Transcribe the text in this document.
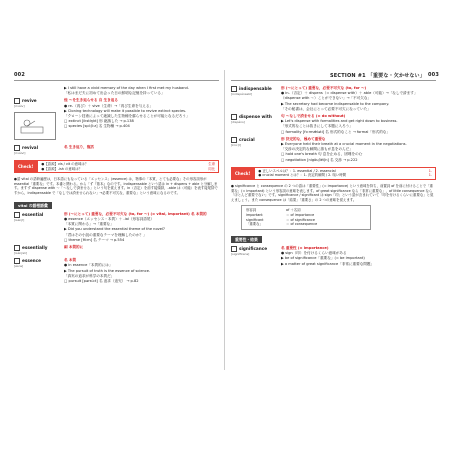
002	SECTION #1 「重要な・欠かせない」 003
▶ I still have a vivid memory of the day when I first met my husband.
「私はまだ夫に初めて出会った日の鮮明な記憶を持っている」
revive
[riváiv]
他 ～を生き返らせる 自 生き返る
● re-（再び）＋ vive（生命）→「再び生命を与える」
▶ Cloning technology will make it possible to revive extinct species.
「クローン技術によって絶滅した生物種を蘇らせることが可能となるだろう」
□ extinct [ikstíŋkt] 形 絶滅した → p.138
□ species [spíːʃiːz] 名 生物種 → p.404
revival
[riváivl]
名 生き返り，復活
Check!	●【語源】vis / vit の意味は？	生命
●【語源】-ish の意味は？	同比
●語 vital の語幹遍歴は，日本語にもなっている「エッセンス」(essence) は，物事の「本質，とても必要な」その形容詞形が essential「重要な」です。本番と関わる。から「ず『基本』なのです。indispensable という語は in + dispens + able と分解します。ますず dispense with ～「～なしで済ませる」という句を覚えます。in（否定）を前す接頭辞，-able は（可能）を表す接尾辞ですから，indispensable で「なしでは済ませられない」→必要不可欠な，重要な」という意味になるのです。
vital の語根語彙
essential
[isénʃl]
形 (～にとって) 重要な，必要不可欠な (to, for ～) (= vital, important) 名 本質的
● essence（エッセンス・本質）＋ -ial（形容詞語尾）
「本質に関わる」→「重要な」
▶ Did you understand the essential theme of the novel?
「君はその小説の重要なテーマを理解したのか？」
□ theme [θiːm] 名 テーマ → p.554
essentially
[isénʃəli]
副 本質的に
essence
[ésns]
名 本質
● in essence「本質的には」
▶ The pursuit of truth is the essence of science.
「真実の追求が科学の本質だ」
□ pursuit [pərsúːt] 名 追求（追究） → p.82
indispensable
[indispénsəbl]
形 (～にとって) 重要な，必要不可欠な (to, for ～)
● in-（否定）＋ dispens（= dispense with）＋ able（可能）→「なしで済ます」
（dispense with ～）ことができない」→「不可欠な」
▶ The secretary had become indispensable to the company.
「その秘書は，会社にとって必要不可欠になっていた」
dispense with
[dispéns]
句 ～なしで済ませる (= do without)
▶ Let's dispense with formalities and get right down to business.
「形式的なことは抜きにして本題に入ろう」
□ formality [fɔːrmǽləti] 名 形式的なこと → formal「形式的な」
crucial
[krúːʃl]
形 決定的な，極めて重要な
▶ Everyone held their breath at a crucial moment in the negotiations.
「交渉の決定的な瞬間に誰もが息をのんだ」
□ hold one's breath 句 息を止める，固唾をのむ
□ negotiation [nigòuʃiéiʃn] 名 交渉 → p.222
Check!	● 正しいスペルは？：1. essential / 2. essencial	1.
● crucial moment とは？：1. 決定的瞬間 / 2. 喧い時間	1.
● significance と consequence の 2 つの語は「重要性」(= importance) という意味を持ち，前置詞 of を前に付けることで「重要な」(= important) という形容詞の意味を表します。of great significance なら「非常に重要な」，of little consequence なら「ほとんど重要でない」です。significance / significant は sign「印」という語が含まれていて「印を付けるくらいに重要な」と覚えましょう。また consequence は「結果」「重要さ」の 2 つの意味を覚えます。
形容詞	of ＋名詞
important	＝ of importance
significant	＝ of significance
「重要な」	＝ of consequence
重要性・結果
significance
[signífikəns]
名 重要性 (= importance)
● sign（印）を付けるくらい意味がある
▶ be of significance「重要な」(= be important)
▶ a matter of great significance「非常に重要な問題」
